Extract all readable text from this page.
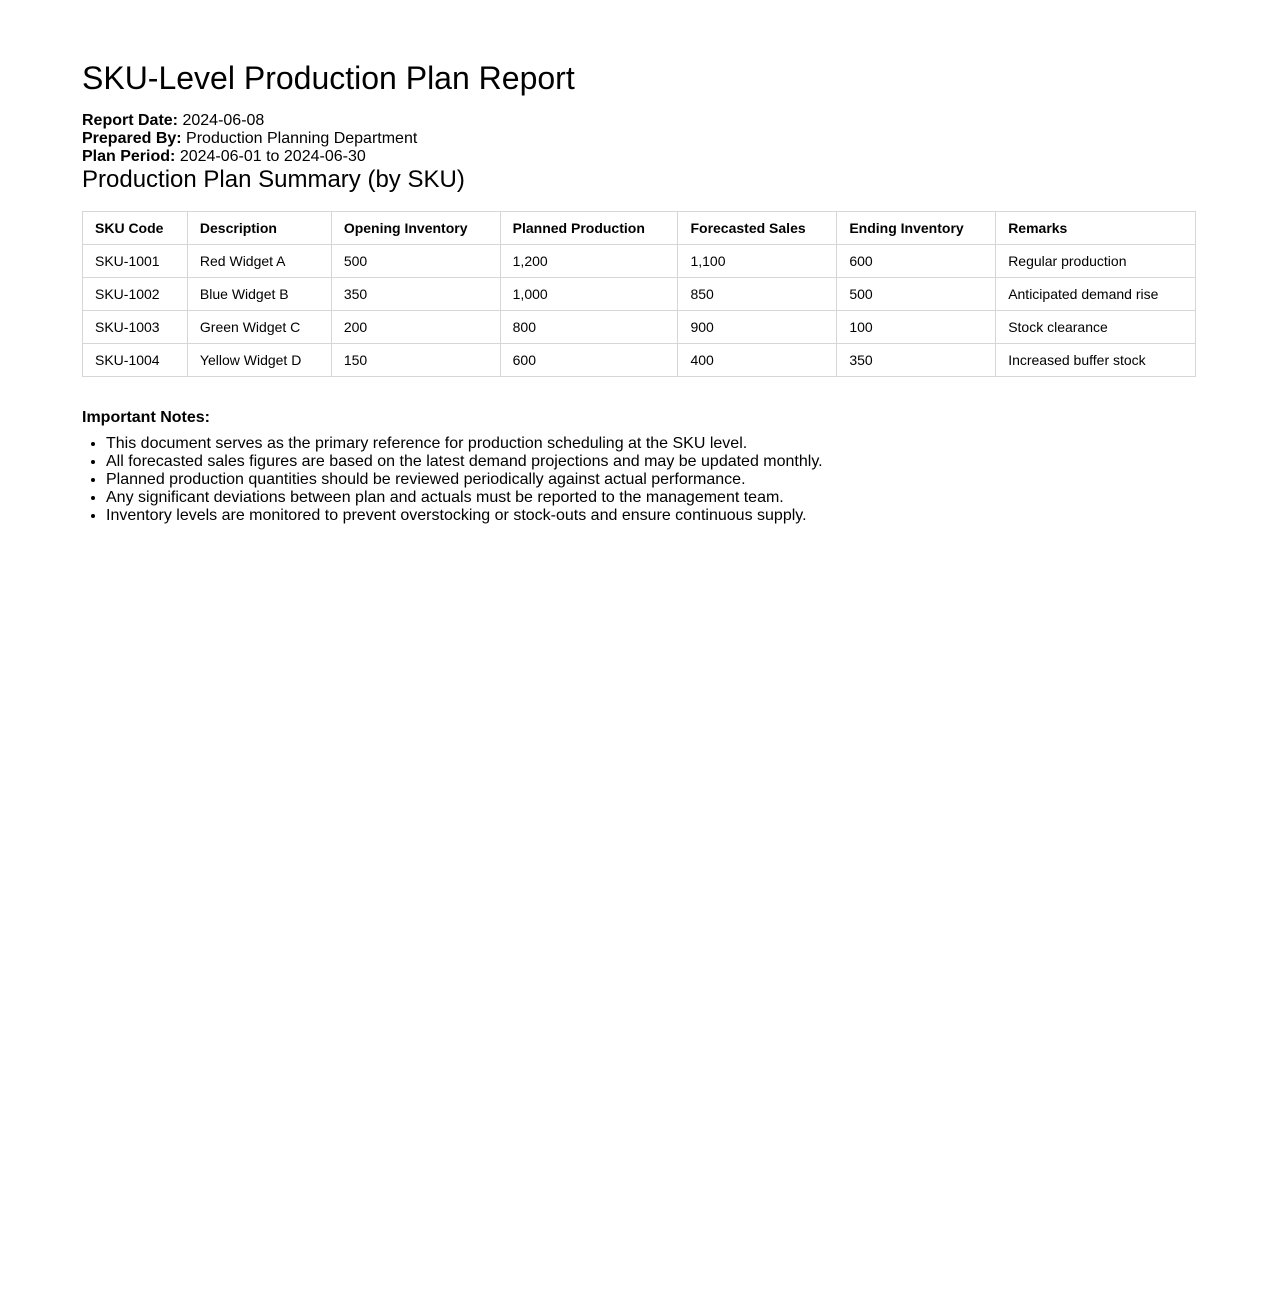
SKU-Level Production Plan Report
Report Date: 2024-06-08
Prepared By: Production Planning Department
Plan Period: 2024-06-01 to 2024-06-30
Production Plan Summary (by SKU)
SKU Code	Description	Opening Inventory	Planned Production	Forecasted Sales	Ending Inventory	Remarks
SKU-1001	Red Widget A	500	1,200	1,100	600	Regular production
SKU-1002	Blue Widget B	350	1,000	850	500	Anticipated demand rise
SKU-1003	Green Widget C	200	800	900	100	Stock clearance
SKU-1004	Yellow Widget D	150	600	400	350	Increased buffer stock
Important Notes:
• This document serves as the primary reference for production scheduling at the SKU level.
• All forecasted sales figures are based on the latest demand projections and may be updated monthly.
• Planned production quantities should be reviewed periodically against actual performance.
• Any significant deviations between plan and actuals must be reported to the management team.
• Inventory levels are monitored to prevent overstocking or stock-outs and ensure continuous supply.
